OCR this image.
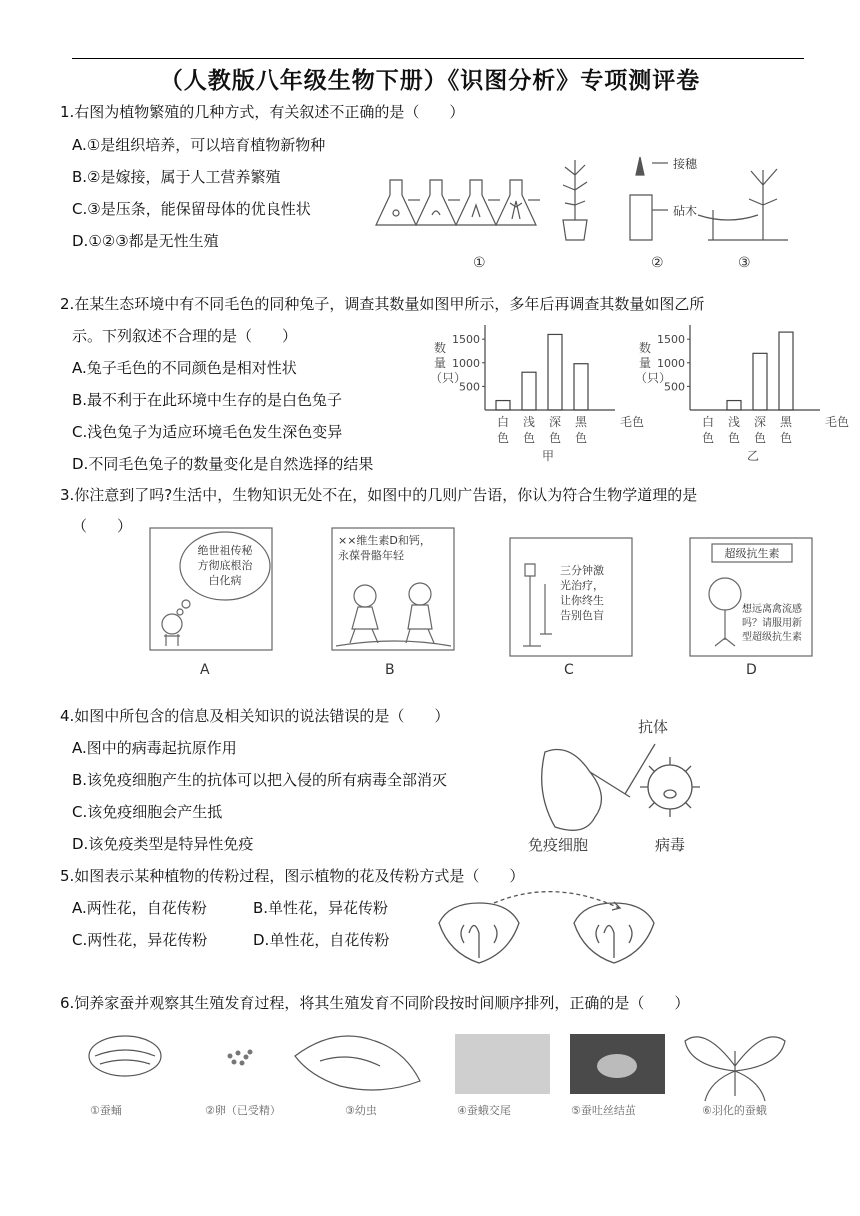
（人教版八年级生物下册）《识图分析》专项测评卷
1.右图为植物繁殖的几种方式，有关叙述不正确的是（　　）
A.①是组织培养，可以培育植物新物种
B.②是嫁接，属于人工营养繁殖
C.③是压条，能保留母体的优良性状
D.①②③都是无性生殖
接穗
砧木
①	②	③
2.在某生态环境中有不同毛色的同种兔子，调查其数量如图甲所示，多年后再调查其数量如图乙所
示。下列叙述不合理的是（　　）
A.兔子毛色的不同颜色是相对性状
B.最不利于在此环境中生存的是白色兔子
C.浅色兔子为适应环境毛色发生深色变异
D.不同毛色兔子的数量变化是自然选择的结果
数
量
（只）
500
1000
1500
白
色
浅
色
深
色
黑
色
毛色
甲
数
量
（只）
500
1000
1500
白
色
浅
色
深
色
黑
色
毛色
乙
3.你注意到了吗?生活中，生物知识无处不在，如图中的几则广告语，你认为符合生物学道理的是
（　　）
绝世祖传秘
方彻底根治
白化病
××维生素D和钙，
永葆骨骼年轻
三分钟激
光治疗，
让你终生
告别色盲
超级抗生素
想远离禽流感
吗？请服用新
型超级抗生素
A	B	C	D
4.如图中所包含的信息及相关知识的说法错误的是（　　）
A.图中的病毒起抗原作用
B.该免疫细胞产生的抗体可以把入侵的所有病毒全部消灭
C.该免疫细胞会产生抵
D.该免疫类型是特异性免疫
抗体
免疫细胞	病毒
5.如图表示某种植物的传粉过程，图示植物的花及传粉方式是（　　）
A.两性花，自花传粉	B.单性花，异花传粉
C.两性花，异花传粉	D.单性花，自花传粉
6.饲养家蚕并观察其生殖发育过程，将其生殖发育不同阶段按时间顺序排列，正确的是（　　）
①蚕蛹	②卵（已受精）	③幼虫	④蚕蛾交尾	⑤蚕吐丝结茧	⑥羽化的蚕蛾
